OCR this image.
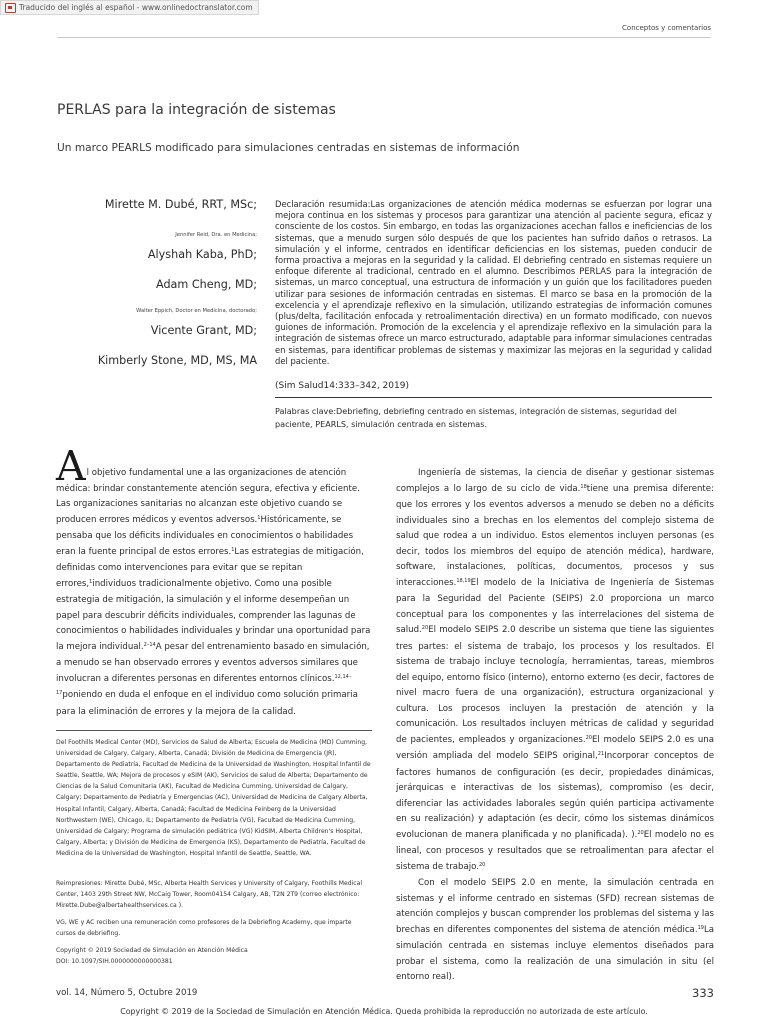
Traducido del inglés al español - www.onlinedoctranslator.com
Conceptos y comentarios
PERLAS para la integración de sistemas
Un marco PEARLS modificado para simulaciones centradas en sistemas de información
Mirette M. Dubé, RRT, MSc;
Jennifer Reid, Dra. en Medicina;
Alyshah Kaba, PhD;
Adam Cheng, MD;
Walter Eppich, Doctor en Medicina, doctorado;
Vicente Grant, MD;
Kimberly Stone, MD, MS, MA
Declaración resumida:Las organizaciones de atención médica modernas se esfuerzan por lograr una mejora continua en los sistemas y procesos para garantizar una atención al paciente segura, eficaz y consciente de los costos. Sin embargo, en todas las organizaciones acechan fallos e ineficiencias de los sistemas, que a menudo surgen sólo después de que los pacientes han sufrido daños o retrasos. La simulación y el informe, centrados en identificar deficiencias en los sistemas, pueden conducir de forma proactiva a mejoras en la seguridad y la calidad. El debriefing centrado en sistemas requiere un enfoque diferente al tradicional, centrado en el alumno. Describimos PERLAS para la integración de sistemas, un marco conceptual, una estructura de información y un guión que los facilitadores pueden utilizar para sesiones de información centradas en sistemas. El marco se basa en la promoción de la excelencia y el aprendizaje reflexivo en la simulación, utilizando estrategias de información comunes (plus/delta, facilitación enfocada y retroalimentación directiva) en un formato modificado, con nuevos guiones de información. Promoción de la excelencia y el aprendizaje reflexivo en la simulación para la integración de sistemas ofrece un marco estructurado, adaptable para informar simulaciones centradas en sistemas, para identificar problemas de sistemas y maximizar las mejoras en la seguridad y calidad del paciente.
(Sim Salud14:333–342, 2019)
Palabras clave:Debriefing, debriefing centrado en sistemas, integración de sistemas, seguridad del paciente, PEARLS, simulación centrada en sistemas.
Al objetivo fundamental une a las organizaciones de atención médica: brindar constantemente atención segura, efectiva y eficiente. Las organizaciones sanitarias no alcanzan este objetivo cuando se producen errores médicos y eventos adversos.$^1$Históricamente, se pensaba que los déficits individuales en conocimientos o habilidades eran la fuente principal de estos errores.$^1$Las estrategias de mitigación, definidas como intervenciones para evitar que se repitan errores,$^1$individuos tradicionalmente objetivo. Como una posible estrategia de mitigación, la simulación y el informe desempeñan un papel para descubrir déficits individuales, comprender las lagunas de conocimientos o habilidades individuales y brindar una oportunidad para la mejora individual.$^{2-14}$A pesar del entrenamiento basado en simulación, a menudo se han observado errores y eventos adversos similares que involucran a diferentes personas en diferentes entornos clínicos.$^{12,14-17}$poniendo en duda el enfoque en el individuo como solución primaria para la eliminación de errores y la mejora de la calidad.
Ingeniería de sistemas, la ciencia de diseñar y gestionar sistemas complejos a lo largo de su ciclo de vida.$^{18}$tiene una premisa diferente: que los errores y los eventos adversos a menudo se deben no a déficits individuales sino a brechas en los elementos del complejo sistema de salud que rodea a un individuo. Estos elementos incluyen personas (es decir, todos los miembros del equipo de atención médica), hardware, software, instalaciones, políticas, documentos, procesos y sus interacciones.$^{18,19}$El modelo de la Iniciativa de Ingeniería de Sistemas para la Seguridad del Paciente (SEIPS) 2.0 proporciona un marco conceptual para los componentes y las interrelaciones del sistema de salud.$^{20}$El modelo SEIPS 2.0 describe un sistema que tiene las siguientes tres partes: el sistema de trabajo, los procesos y los resultados. El sistema de trabajo incluye tecnología, herramientas, tareas, miembros del equipo, entorno físico (interno), entorno externo (es decir, factores de nivel macro fuera de una organización), estructura organizacional y cultura. Los procesos incluyen la prestación de atención y la comunicación. Los resultados incluyen métricas de calidad y seguridad de pacientes, empleados y organizaciones.$^{20}$El modelo SEIPS 2.0 es una versión ampliada del modelo SEIPS original,$^{21}$Incorporar conceptos de factores humanos de configuración (es decir, propiedades dinámicas, jerárquicas e interactivas de los sistemas), compromiso (es decir, diferenciar las actividades laborales según quién participa activamente en su realización) y adaptación (es decir, cómo los sistemas dinámicos evolucionan de manera planificada y no planificada). ).$^{20}$El modelo no es lineal, con procesos y resultados que se retroalimentan para afectar el sistema de trabajo.$^{20}$
Con el modelo SEIPS 2.0 en mente, la simulación centrada en sistemas y el informe centrado en sistemas (SFD) recrean sistemas de atención complejos y buscan comprender los problemas del sistema y las brechas en diferentes componentes del sistema de atención médica.$^{19}$La simulación centrada en sistemas incluye elementos diseñados para probar el sistema, como la realización de una simulación in situ (el entorno real).
Del Foothills Medical Center (MD), Servicios de Salud de Alberta; Escuela de Medicina (MD) Cumming, Universidad de Calgary, Calgary, Alberta, Canadá; División de Medicina de Emergencia (JR), Departamento de Pediatría, Facultad de Medicina de la Universidad de Washington, Hospital Infantil de Seattle, Seattle, WA; Mejora de procesos y eSIM (AK), Servicios de salud de Alberta; Departamento de Ciencias de la Salud Comunitaria (AK), Facultad de Medicina Cumming, Universidad de Calgary, Calgary; Departamento de Pediatría y Emergencias (AC), Universidad de Medicina de Calgary Alberta, Hospital Infantil, Calgary, Alberta, Canadá; Facultad de Medicina Feinberg de la Universidad Northwestern (WE), Chicago, IL; Departamento de Pediatría (VG), Facultad de Medicina Cumming, Universidad de Calgary; Programa de simulación pediátrica (VG) KidSIM, Alberta Children's Hospital, Calgary, Alberta; y División de Medicina de Emergencia (KS), Departamento de Pediatría, Facultad de Medicina de la Universidad de Washington, Hospital Infantil de Seattle, Seattle, WA.
Reimpresiones: Mirette Dubé, MSc, Alberta Health Services y University of Calgary, Foothills Medical Center, 1403 29th Street NW, McCaig Tower, Room04154 Calgary, AB, T2N 2T9 (correo electrónico: Mirette.Dube@albertahealthservices.ca ).
VG, WE y AC reciben una remuneración como profesores de la Debriefing Academy, que imparte cursos de debriefing.
Copyright © 2019 Sociedad de Simulación en Atención Médica
DOI: 10.1097/SIH.0000000000000381
vol. 14, Número 5, Octubre 2019	333
Copyright © 2019 de la Sociedad de Simulación en Atención Médica. Queda prohibida la reproducción no autorizada de este artículo.
